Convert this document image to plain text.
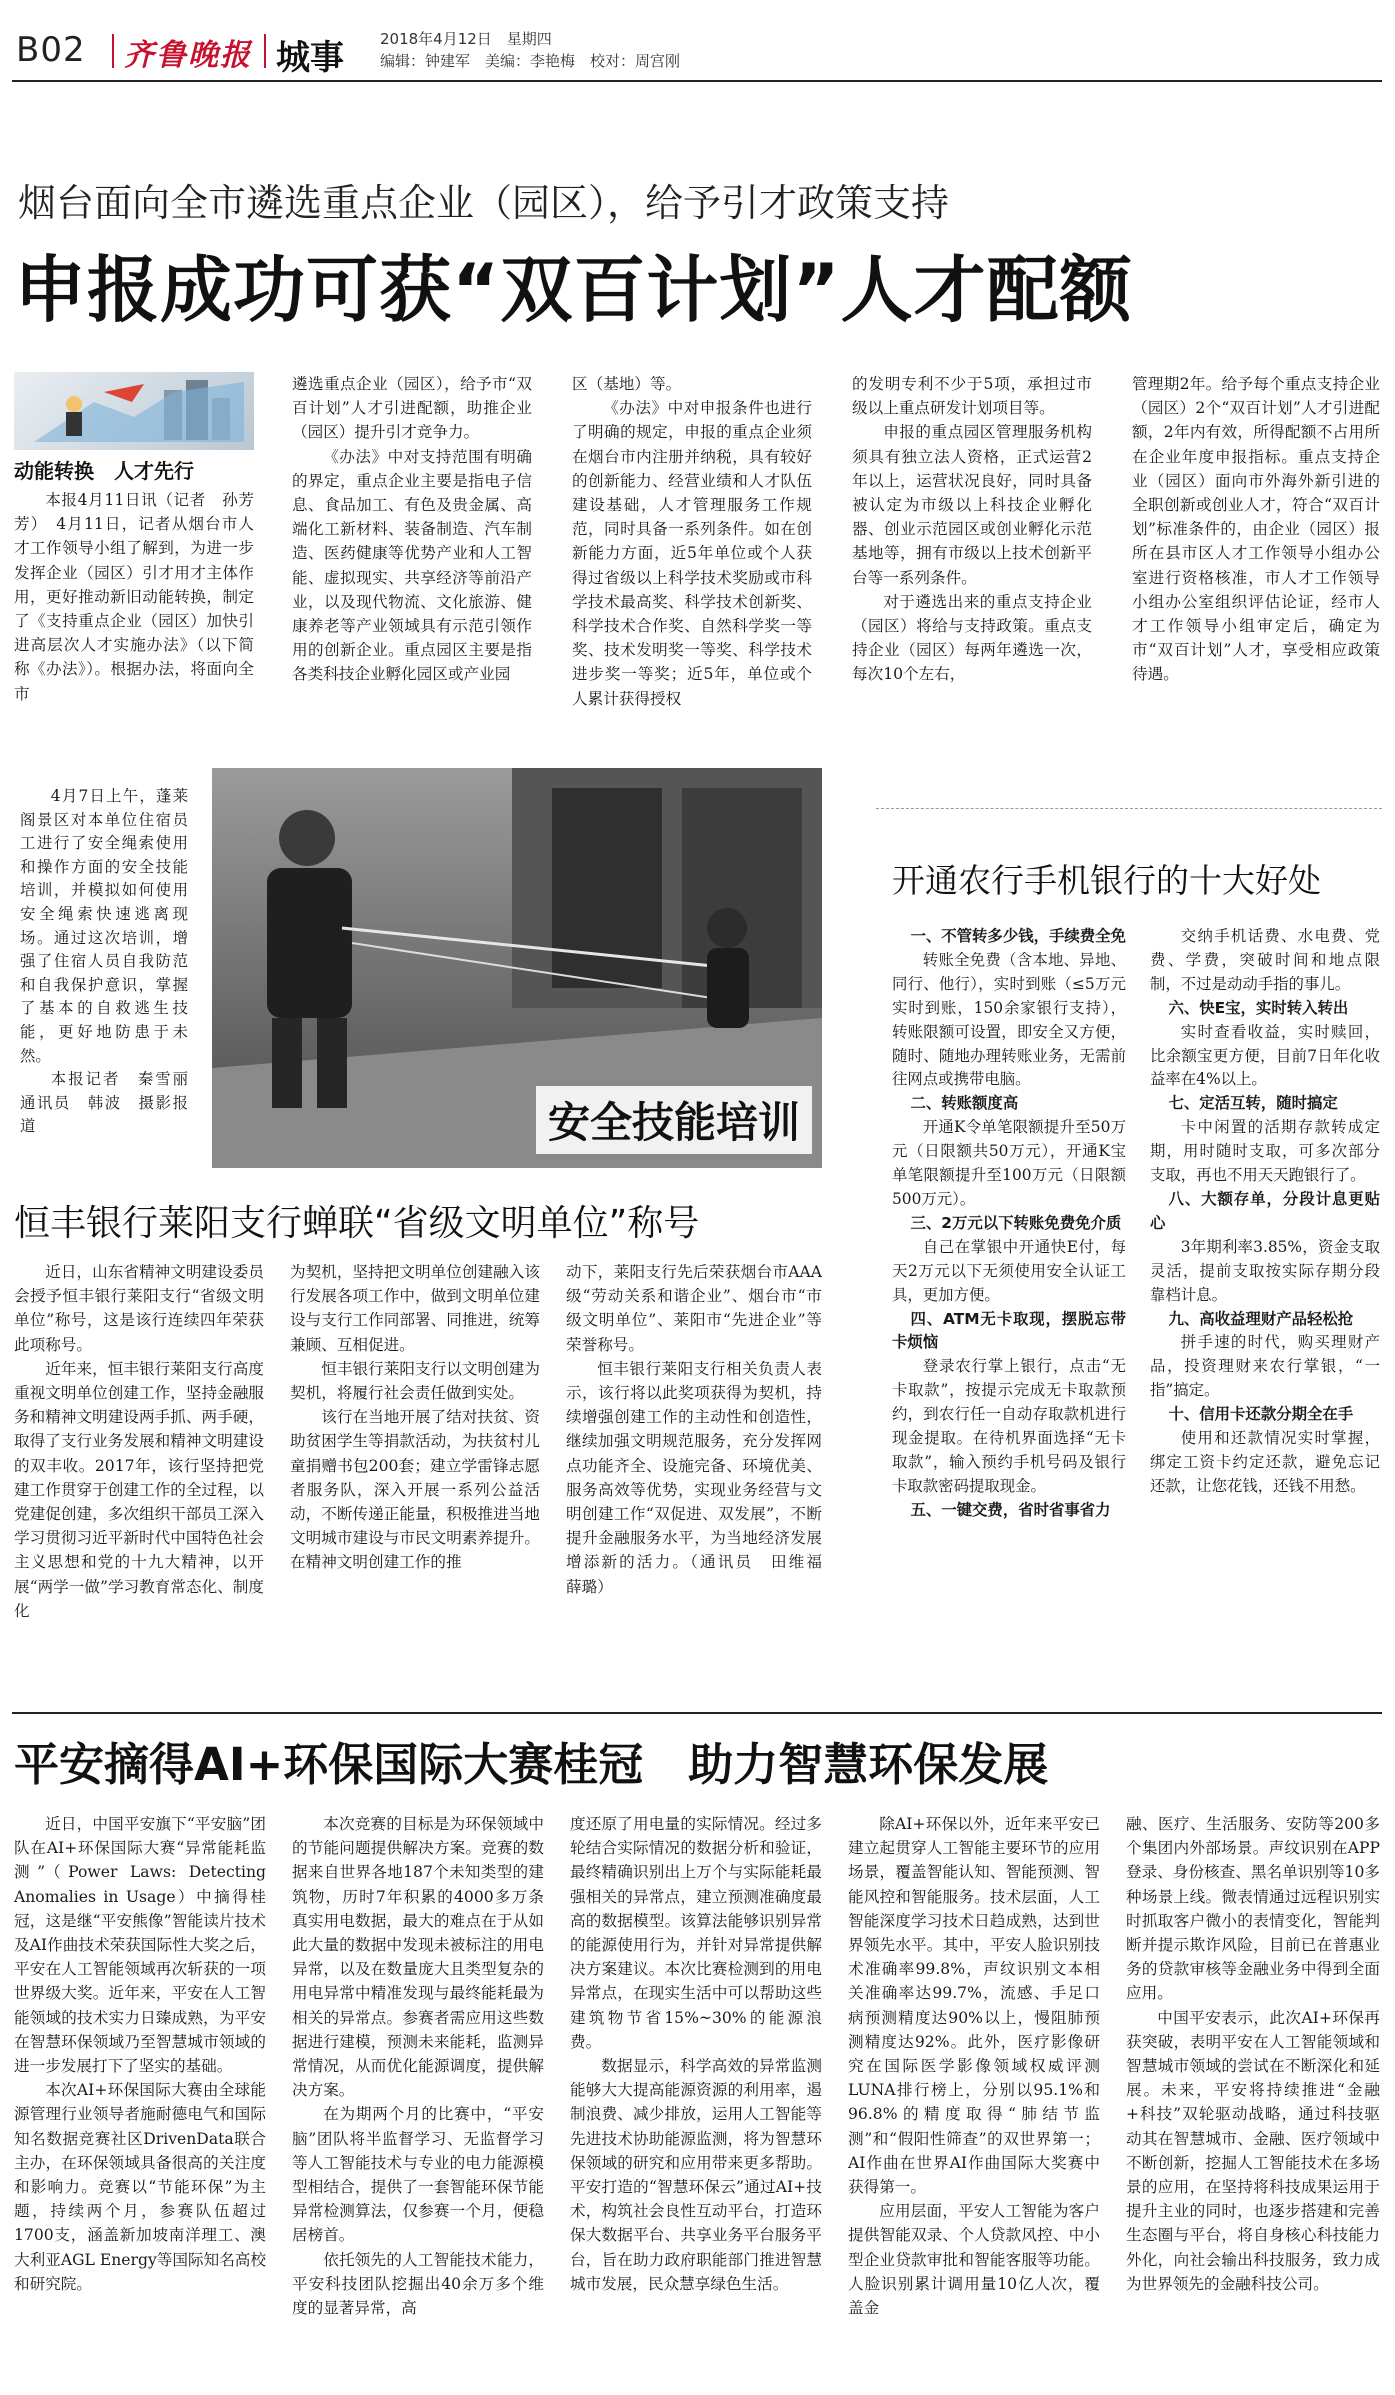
B02 齐鲁晚报 城事 2018年4月12日　星期四
编辑：钟建军　美编：李艳梅　校对：周宫刚
烟台面向全市遴选重点企业（园区），给予引才政策支持
申报成功可获“双百计划”人才配额
动能转换　人才先行

本报4月11日讯（记者　孙芳芳）　4月11日，记者从烟台市人才工作领导小组了解到，为进一步发挥企业（园区）引才用才主体作用，更好推动新旧动能转换，制定了《支持重点企业（园区）加快引进高层次人才实施办法》（以下简称《办法》）。根据办法，将面向全市

遴选重点企业（园区），给予市“双百计划”人才引进配额，助推企业（园区）提升引才竞争力。

《办法》中对支持范围有明确的界定，重点企业主要是指电子信息、食品加工、有色及贵金属、高端化工新材料、装备制造、汽车制造、医药健康等优势产业和人工智能、虚拟现实、共享经济等前沿产业，以及现代物流、文化旅游、健康养老等产业领域具有示范引领作用的创新企业。重点园区主要是指各类科技企业孵化园区或产业园

区（基地）等。

《办法》中对申报条件也进行了明确的规定，申报的重点企业须在烟台市内注册并纳税，具有较好的创新能力、经营业绩和人才队伍建设基础，人才管理服务工作规范，同时具备一系列条件。如在创新能力方面，近5年单位或个人获得过省级以上科学技术奖励或市科学技术最高奖、科学技术创新奖、科学技术合作奖、自然科学奖一等奖、技术发明奖一等奖、科学技术进步奖一等奖；近5年，单位或个人累计获得授权

的发明专利不少于5项，承担过市级以上重点研发计划项目等。

申报的重点园区管理服务机构须具有独立法人资格，正式运营2年以上，运营状况良好，同时具备被认定为市级以上科技企业孵化器、创业示范园区或创业孵化示范基地等，拥有市级以上技术创新平台等一系列条件。

对于遴选出来的重点支持企业（园区）将给与支持政策。重点支持企业（园区）每两年遴选一次，每次10个左右，

管理期2年。给予每个重点支持企业（园区）2个“双百计划”人才引进配额，2年内有效，所得配额不占用所在企业年度申报指标。重点支持企业（园区）面向市外海外新引进的全职创新或创业人才，符合“双百计划”标准条件的，由企业（园区）报所在县市区人才工作领导小组办公室进行资格核准，市人才工作领导小组办公室组织评估论证，经市人才工作领导小组审定后，确定为市“双百计划”人才，享受相应政策待遇。

4月7日上午，蓬莱阁景区对本单位住宿员工进行了安全绳索使用和操作方面的安全技能培训，并模拟如何使用安全绳索快速逃离现场。通过这次培训，增强了住宿人员自我防范和自我保护意识，掌握了基本的自救逃生技能，更好地防患于未然。

本报记者　秦雪丽　通讯员　韩波　摄影报道	安全技能培训
恒丰银行莱阳支行蝉联“省级文明单位”称号

近日，山东省精神文明建设委员会授予恒丰银行莱阳支行“省级文明单位”称号，这是该行连续四年荣获此项称号。

近年来，恒丰银行莱阳支行高度重视文明单位创建工作，坚持金融服务和精神文明建设两手抓、两手硬，取得了支行业务发展和精神文明建设的双丰收。2017年，该行坚持把党建工作贯穿于创建工作的全过程，以党建促创建，多次组织干部员工深入学习贯彻习近平新时代中国特色社会主义思想和党的十九大精神，以开展“两学一做”学习教育常态化、制度化

为契机，坚持把文明单位创建融入该行发展各项工作中，做到文明单位建设与支行工作同部署、同推进，统筹兼顾、互相促进。

恒丰银行莱阳支行以文明创建为契机，将履行社会责任做到实处。

该行在当地开展了结对扶贫、资助贫困学生等捐款活动，为扶贫村儿童捐赠书包200套；建立学雷锋志愿者服务队，深入开展一系列公益活动，不断传递正能量，积极推进当地文明城市建设与市民文明素养提升。在精神文明创建工作的推

动下，莱阳支行先后荣获烟台市AAA级“劳动关系和谐企业”、烟台市“市级文明单位”、莱阳市“先进企业”等荣誉称号。

恒丰银行莱阳支行相关负责人表示，该行将以此奖项获得为契机，持续增强创建工作的主动性和创造性，继续加强文明规范服务，充分发挥网点功能齐全、设施完备、环境优美、服务高效等优势，实现业务经营与文明创建工作“双促进、双发展”，不断提升金融服务水平，为当地经济发展增添新的活力。（通讯员　田维福　薛璐）

开通农行手机银行的十大好处

一、不管转多少钱，手续费全免

转账全免费（含本地、异地、同行、他行），实时到账（≤5万元实时到账，150余家银行支持），转账限额可设置，即安全又方便，随时、随地办理转账业务，无需前往网点或携带电脑。

二、转账额度高

开通K令单笔限额提升至50万元（日限额共50万元），开通K宝单笔限额提升至100万元（日限额500万元）。

三、2万元以下转账免费免介质

自己在掌银中开通快E付，每天2万元以下无须使用安全认证工具，更加方便。

四、ATM无卡取现，摆脱忘带卡烦恼

登录农行掌上银行，点击“无卡取款”，按提示完成无卡取款预约，到农行任一自动存取款机进行现金提取。在待机界面选择“无卡取款”，输入预约手机号码及银行卡取款密码提取现金。

五、一键交费，省时省事省力

交纳手机话费、水电费、党费、学费，突破时间和地点限制，不过是动动手指的事儿。

六、快E宝，实时转入转出

实时查看收益，实时赎回，比余额宝更方便，目前7日年化收益率在4%以上。

七、定活互转，随时搞定

卡中闲置的活期存款转成定期，用时随时支取，可多次部分支取，再也不用天天跑银行了。

八、大额存单，分段计息更贴心

3年期利率3.85%，资金支取灵活，提前支取按实际存期分段靠档计息。

九、高收益理财产品轻松抢

拼手速的时代，购买理财产品，投资理财来农行掌银，“一指”搞定。

十、信用卡还款分期全在手

使用和还款情况实时掌握，绑定工资卡约定还款，避免忘记还款，让您花钱，还钱不用愁。

平安摘得AI+环保国际大赛桂冠　助力智慧环保发展

近日，中国平安旗下“平安脑”团队在AI+环保国际大赛“异常能耗监测”（Power Laws: Detecting Anomalies in Usage）中摘得桂冠，这是继“平安熊像”智能读片技术及AI作曲技术荣获国际性大奖之后，平安在人工智能领域再次斩获的一项世界级大奖。近年来，平安在人工智能领域的技术实力日臻成熟，为平安在智慧环保领域乃至智慧城市领域的进一步发展打下了坚实的基础。

本次AI+环保国际大赛由全球能源管理行业领导者施耐德电气和国际知名数据竞赛社区DrivenData联合主办，在环保领域具备很高的关注度和影响力。竞赛以“节能环保”为主题，持续两个月，参赛队伍超过1700支，涵盖新加坡南洋理工、澳大利亚AGL Energy等国际知名高校和研究院。

本次竞赛的目标是为环保领域中的节能问题提供解决方案。竞赛的数据来自世界各地187个未知类型的建筑物，历时7年积累的4000多万条真实用电数据，最大的难点在于从如此大量的数据中发现未被标注的用电异常，以及在数量庞大且类型复杂的用电异常中精准发现与最终能耗最为相关的异常点。参赛者需应用这些数据进行建模，预测未来能耗，监测异常情况，从而优化能源调度，提供解决方案。

在为期两个月的比赛中，“平安脑”团队将半监督学习、无监督学习等人工智能技术与专业的电力能源模型相结合，提供了一套智能环保节能异常检测算法，仅参赛一个月，便稳居榜首。

依托领先的人工智能技术能力，平安科技团队挖掘出40余万多个维度的显著异常，高

度还原了用电量的实际情况。经过多轮结合实际情况的数据分析和验证，最终精确识别出上万个与实际能耗最强相关的异常点，建立预测准确度最高的数据模型。该算法能够识别异常的能源使用行为，并针对异常提供解决方案建议。本次比赛检测到的用电异常点，在现实生活中可以帮助这些建筑物节省15%~30%的能源浪费。

数据显示，科学高效的异常监测能够大大提高能源资源的利用率，遏制浪费、减少排放，运用人工智能等先进技术协助能源监测，将为智慧环保领域的研究和应用带来更多帮助。平安打造的“智慧环保云”通过AI+技术，构筑社会良性互动平台，打造环保大数据平台、共享业务平台服务平台，旨在助力政府职能部门推进智慧城市发展，民众慧享绿色生活。

除AI+环保以外，近年来平安已建立起贯穿人工智能主要环节的应用场景，覆盖智能认知、智能预测、智能风控和智能服务。技术层面，人工智能深度学习技术日趋成熟，达到世界领先水平。其中，平安人脸识别技术准确率99.8%，声纹识别文本相关准确率达99.7%，流感、手足口病预测精度达90%以上，慢阻肺预测精度达92%。此外，医疗影像研究在国际医学影像领域权威评测LUNA排行榜上，分别以95.1%和96.8%的精度取得“肺结节监测”和“假阳性筛查”的双世界第一；AI作曲在世界AI作曲国际大奖赛中获得第一。

应用层面，平安人工智能为客户提供智能双录、个人贷款风控、中小型企业贷款审批和智能客服等功能。人脸识别累计调用量10亿人次，覆盖金

融、医疗、生活服务、安防等200多个集团内外部场景。声纹识别在APP登录、身份核查、黑名单识别等10多种场景上线。微表情通过远程识别实时抓取客户微小的表情变化，智能判断并提示欺诈风险，目前已在普惠业务的贷款审核等金融业务中得到全面应用。

中国平安表示，此次AI+环保再获突破，表明平安在人工智能领域和智慧城市领域的尝试在不断深化和延展。未来，平安将持续推进“金融+科技”双轮驱动战略，通过科技驱动其在智慧城市、金融、医疗领域中不断创新，挖掘人工智能技术在多场景的应用，在坚持将科技成果运用于提升主业的同时，也逐步搭建和完善生态圈与平台，将自身核心科技能力外化，向社会输出科技服务，致力成为世界领先的金融科技公司。
